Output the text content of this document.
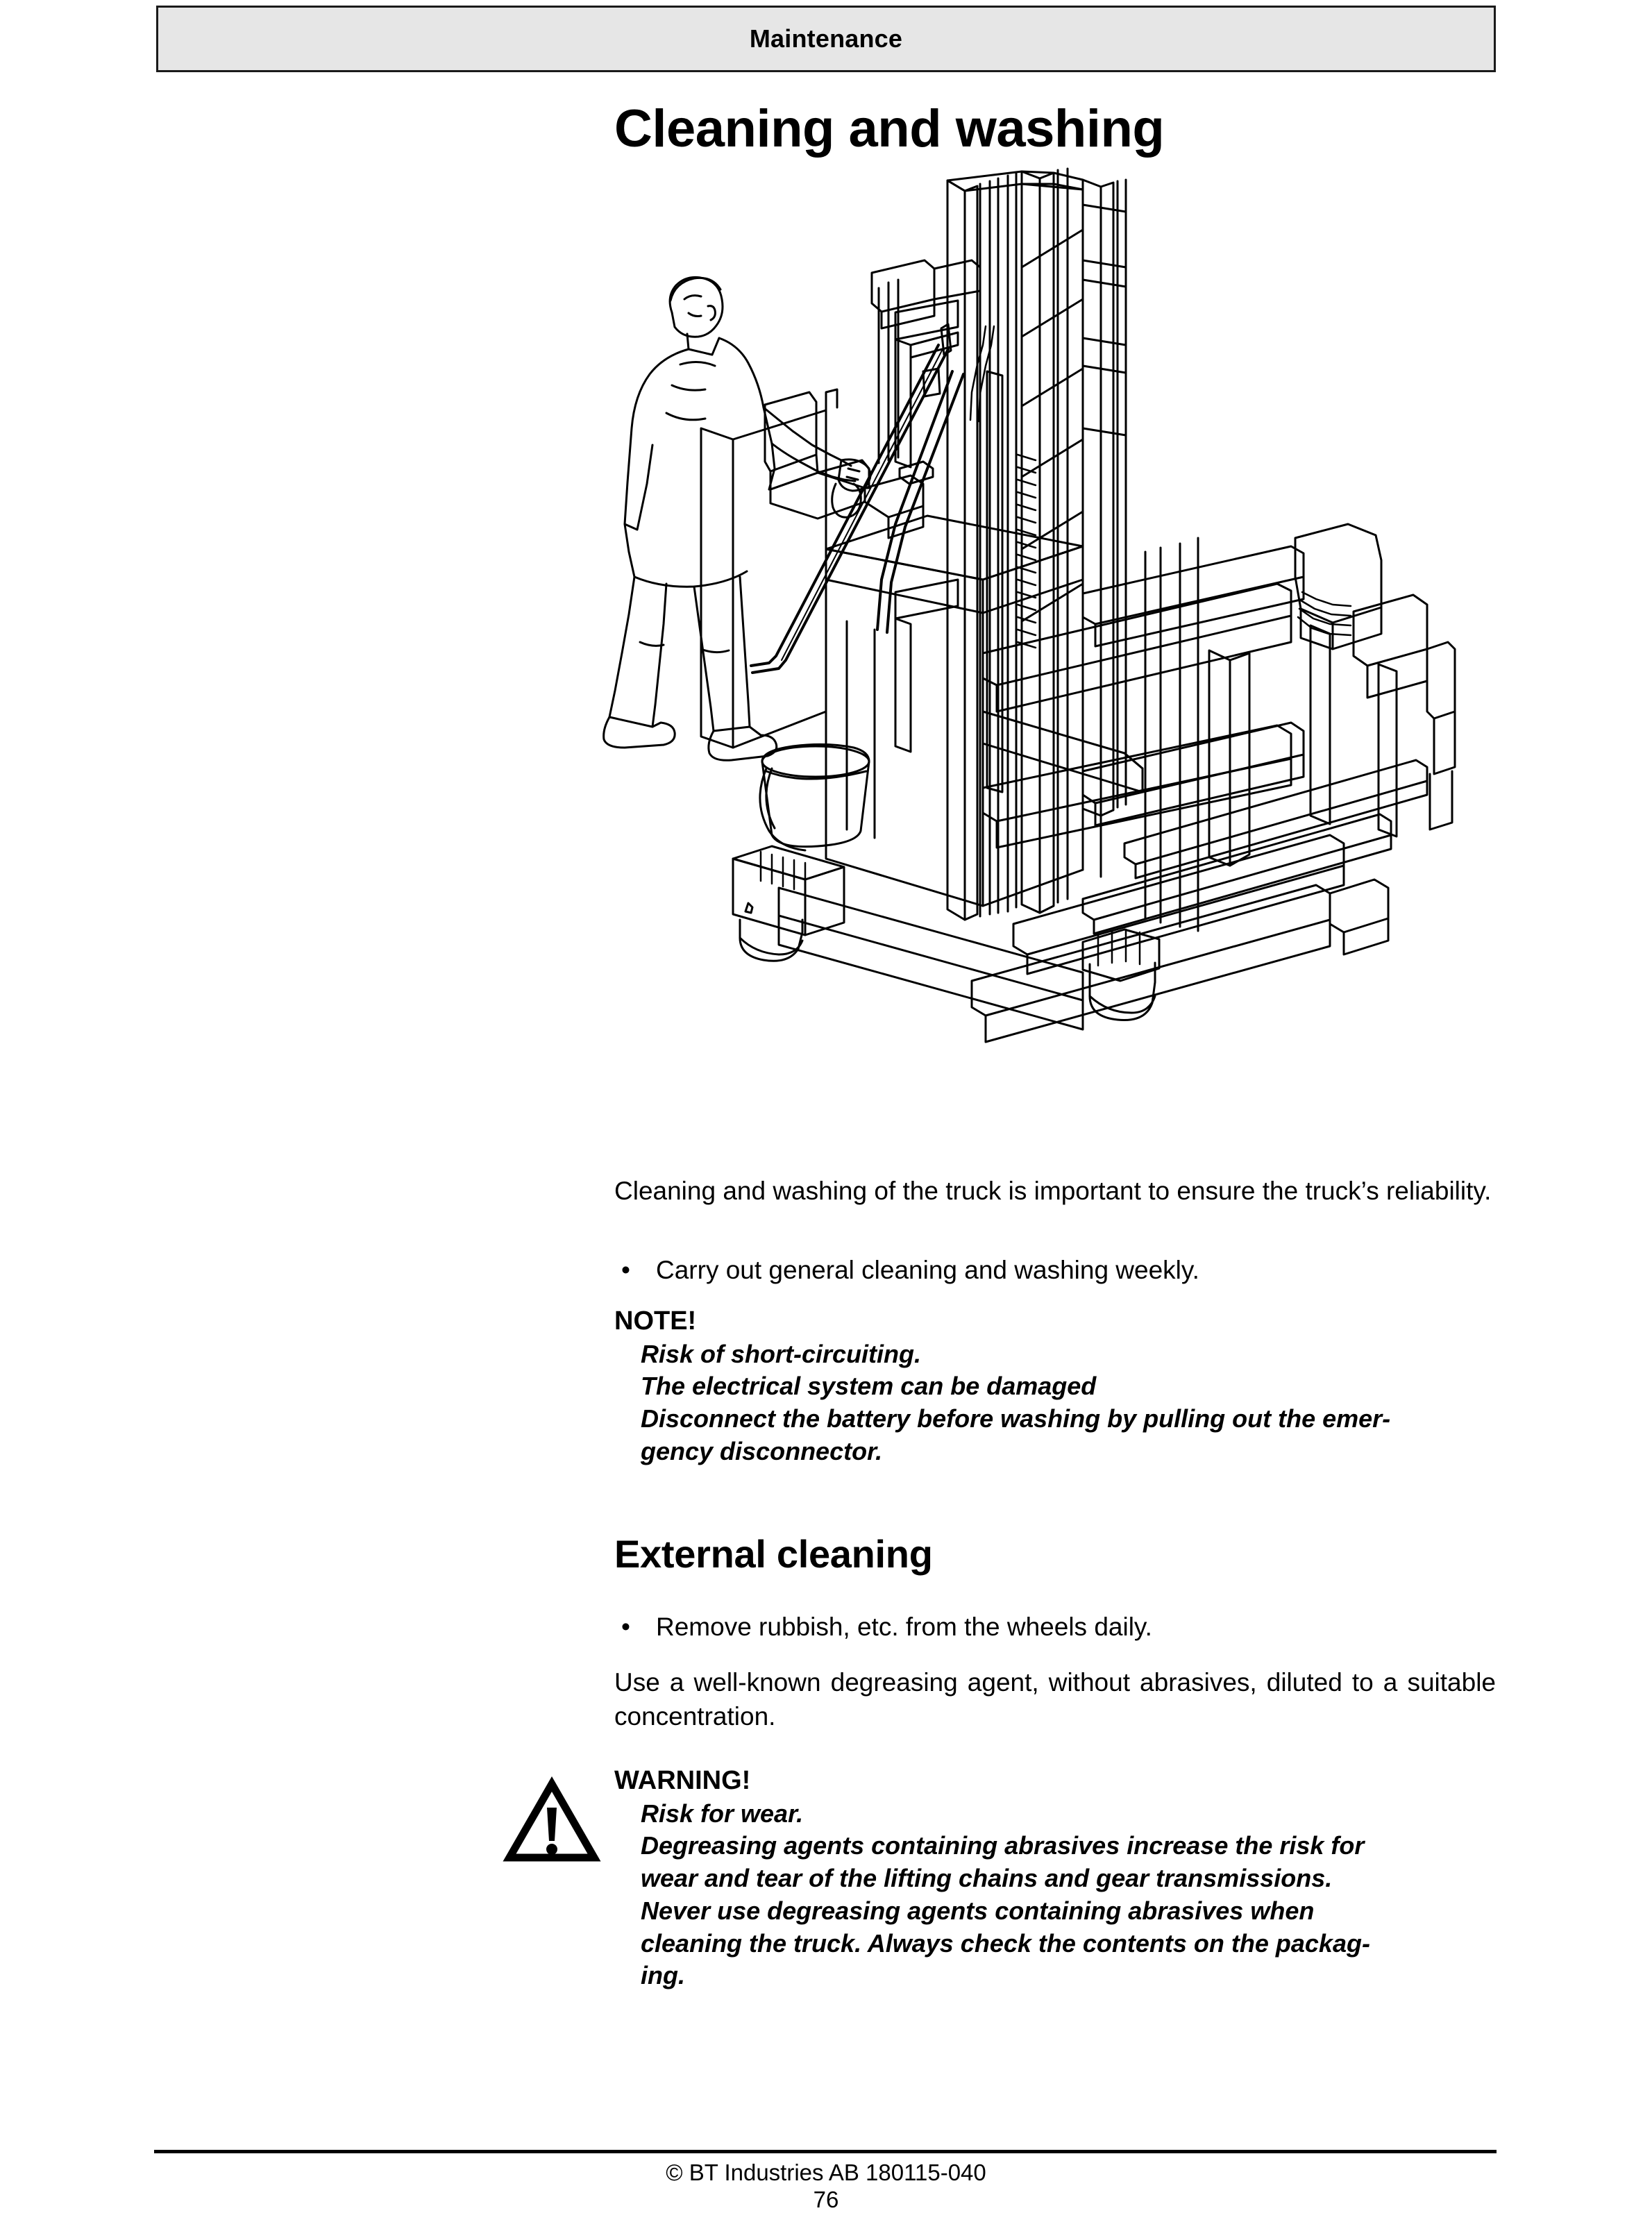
Maintenance
Cleaning and washing

Cleaning and washing of the truck is important to ensure the truck’s reliability.

•	Carry out general cleaning and washing weekly.
NOTE!
Risk of short-circuiting.
The electrical system can be damaged
Disconnect the battery before washing by pulling out the emer-
gency disconnector.
External cleaning
•	Remove rubbish, etc. from the wheels daily.

Use a well-known degreasing agent, without abrasives, diluted to a suitable concentration.

WARNING!
Risk for wear.
Degreasing agents containing abrasives increase the risk for
wear and tear of the lifting chains and gear transmissions.
Never use degreasing agents containing abrasives when
cleaning the truck. Always check the contents on the packag-
ing.
© BT Industries AB 180115-040
76
